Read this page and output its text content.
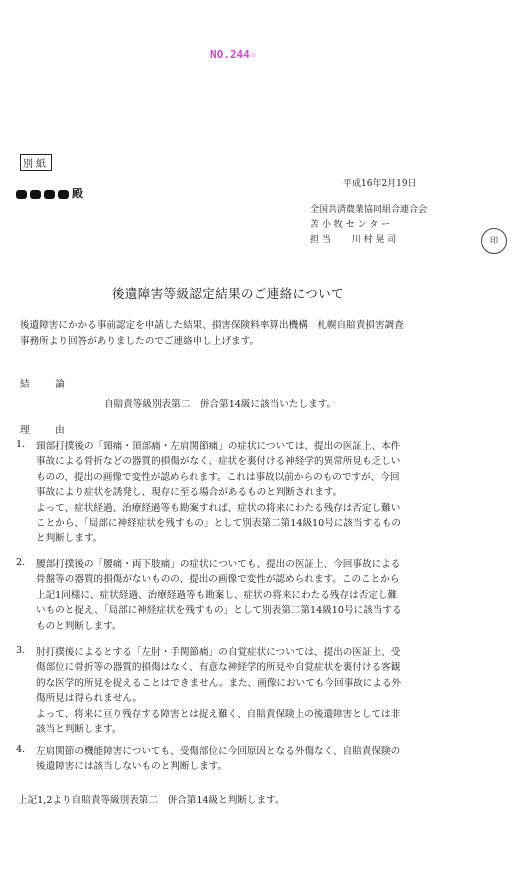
NO.244☆
別紙
平成16年2月19日
殿
全国共済農業協同組合連合会
苫 小 牧 セ ン タ ー
担 当　　 川 村 晃 司	印
後遺障害等級認定結果のご連絡について
後遺障害にかかる事前認定を申請した結果、損害保険料率算出機構　札幌自賠責損害調査
事務所より回答がありましたのでご連絡申し上げます。
結　論
自賠責等級別表第二　併合第14級に該当いたします。
理　由
1. 頸部打撲後の「頸痛・頂部痛・左肩関節痛」の症状については、提出の医証上、本件
事故による骨折などの器質的損傷がなく、症状を裏付ける神経学的異常所見も乏しい
ものの、提出の画像で変性が認められます。これは事故以前からのものですが、今回
事故により症状を誘発し、現存に至る場合があるものと判断されます。
よって、症状経過、治療経過等も勘案すれば、症状の将来にわたる残存は否定し難い
ことから、「局部に神経症状を残すもの」として別表第二第14級10号に該当するもの
と判断します。
2. 腰部打撲後の「腰痛・両下肢痛」の症状についても、提出の医証上、今回事故による
骨盤等の器質的損傷がないものの、提出の画像で変性が認められます。このことから
上記1同様に、症状経過、治療経過等も勘案し、症状の将来にわたる残存は否定し難
いものと捉え、「局部に神経症状を残すもの」として別表第二第14級10号に該当する
ものと判断します。
3. 肘打撲後によるとする「左肘・手関節痛」の自覚症状については、提出の医証上、受
傷部位に骨折等の器質的損傷はなく、有意な神経学的所見や自覚症状を裏付ける客観
的な医学的所見を捉えることはできません。また、画像においても今回事故による外
傷所見は得られません。
よって、将来に亘り残存する障害とは捉え難く、自賠責保険上の後遺障害としては非
該当と判断します。
4. 左肩関節の機能障害についても、受傷部位に今回原因となる外傷なく、自賠責保険の
後遺障害には該当しないものと判断します。
上記1,2より自賠責等級別表第二　併合第14級と判断します。
